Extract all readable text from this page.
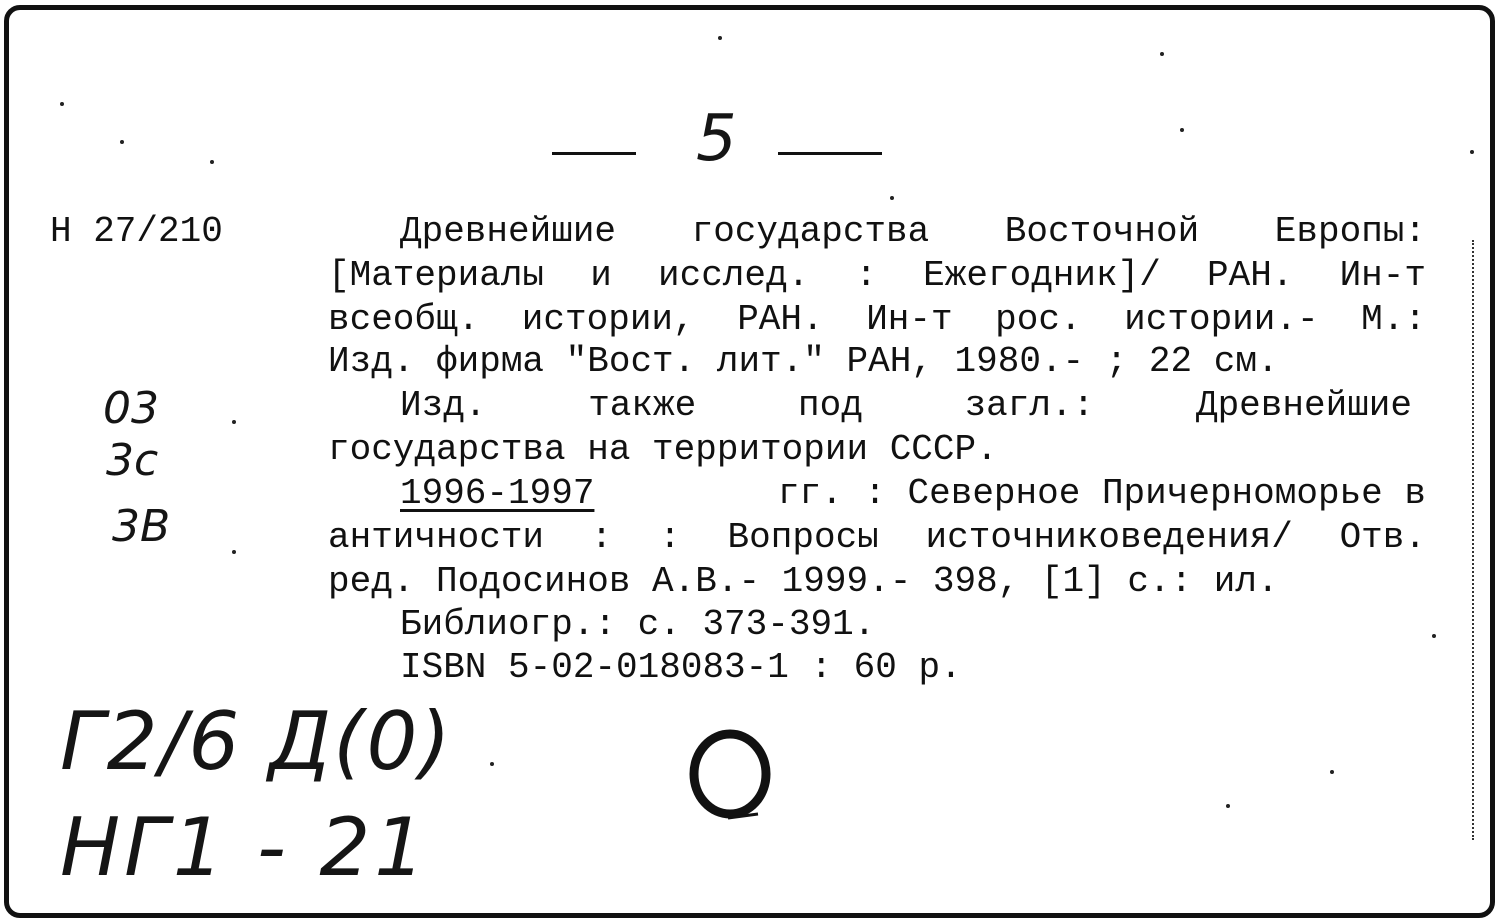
5
Н 27/210
03
3с
3В
Древнейшие государства Восточной Европы:
[Материалы и исслед. : Ежегодник]/ РАН. Ин-т
всеобщ. истории, РАН. Ин-т рос. истории.- М.:
Изд. фирма "Вост. лит." РАН, 1980.- ; 22 см.
Изд. также под загл.: Древнейшие
государства на территории СССР.
1996-1997	гг. : Северное Причерноморье в
античности : : Вопросы источниковедения/ Отв.
ред. Подосинов А.В.- 1999.- 398, [1] с.: ил.
Библиогр.: с. 373-391.
ISBN 5-02-018083-1 : 60 р.
Г2/6 Д(0)
НГ1 - 21
